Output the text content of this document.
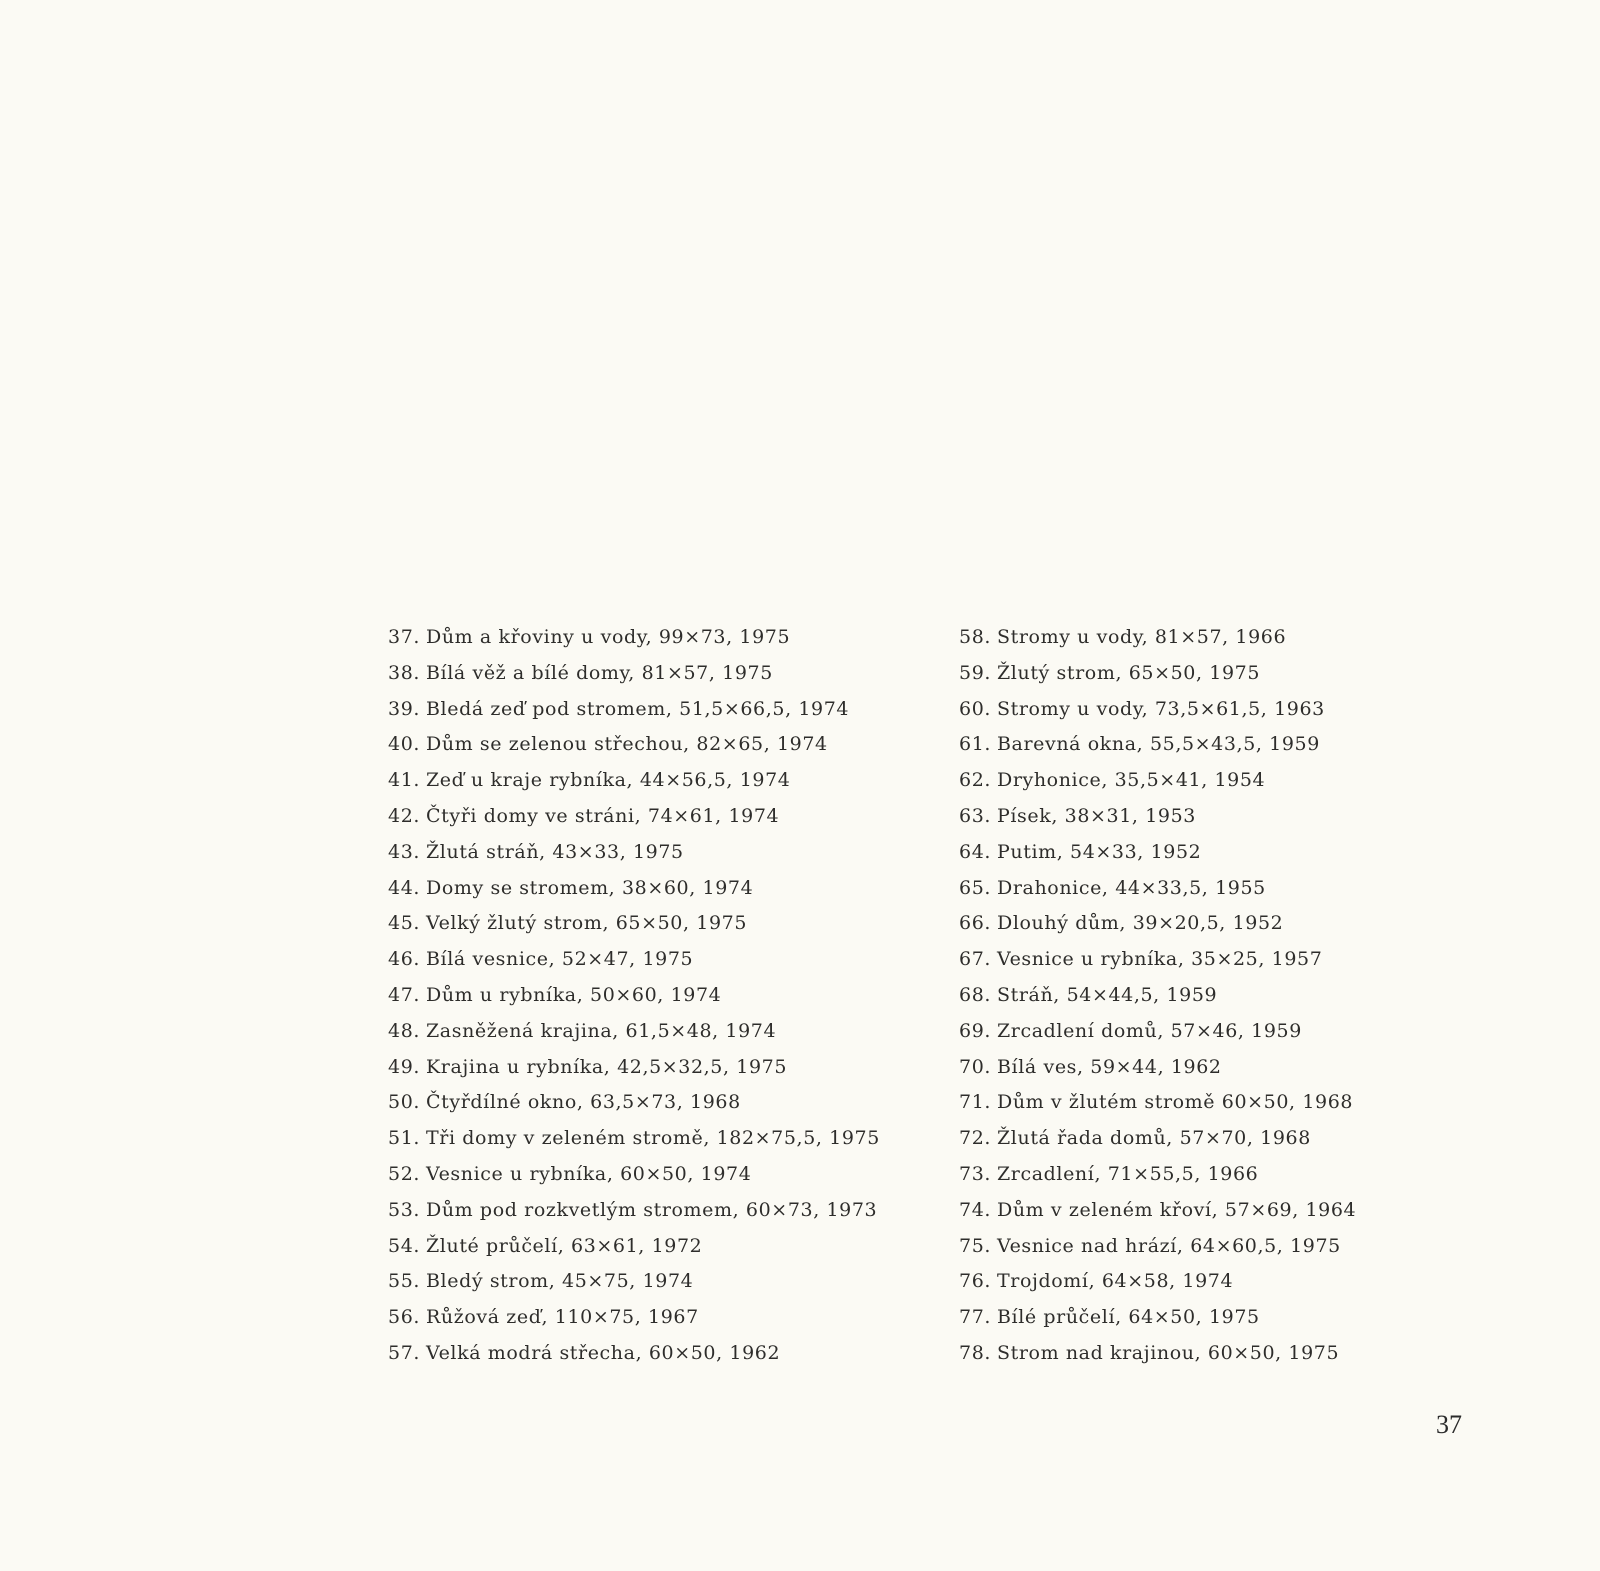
37. Dům a křoviny u vody, 99×73, 1975
38. Bílá věž a bílé domy, 81×57, 1975
39. Bledá zeď pod stromem, 51,5×66,5, 1974
40. Dům se zelenou střechou, 82×65, 1974
41. Zeď u kraje rybníka, 44×56,5, 1974
42. Čtyři domy ve stráni, 74×61, 1974
43. Žlutá stráň, 43×33, 1975
44. Domy se stromem, 38×60, 1974
45. Velký žlutý strom, 65×50, 1975
46. Bílá vesnice, 52×47, 1975
47. Dům u rybníka, 50×60, 1974
48. Zasněžená krajina, 61,5×48, 1974
49. Krajina u rybníka, 42,5×32,5, 1975
50. Čtyřdílné okno, 63,5×73, 1968
51. Tři domy v zeleném stromě, 182×75,5, 1975
52. Vesnice u rybníka, 60×50, 1974
53. Dům pod rozkvetlým stromem, 60×73, 1973
54. Žluté průčelí, 63×61, 1972
55. Bledý strom, 45×75, 1974
56. Růžová zeď, 110×75, 1967
57. Velká modrá střecha, 60×50, 1962
58. Stromy u vody, 81×57, 1966
59. Žlutý strom, 65×50, 1975
60. Stromy u vody, 73,5×61,5, 1963
61. Barevná okna, 55,5×43,5, 1959
62. Dryhonice, 35,5×41, 1954
63. Písek, 38×31, 1953
64. Putim, 54×33, 1952
65. Drahonice, 44×33,5, 1955
66. Dlouhý dům, 39×20,5, 1952
67. Vesnice u rybníka, 35×25, 1957
68. Stráň, 54×44,5, 1959
69. Zrcadlení domů, 57×46, 1959
70. Bílá ves, 59×44, 1962
71. Dům v žlutém stromě 60×50, 1968
72. Žlutá řada domů, 57×70, 1968
73. Zrcadlení, 71×55,5, 1966
74. Dům v zeleném křoví, 57×69, 1964
75. Vesnice nad hrází, 64×60,5, 1975
76. Trojdomí, 64×58, 1974
77. Bílé průčelí, 64×50, 1975
78. Strom nad krajinou, 60×50, 1975
37
